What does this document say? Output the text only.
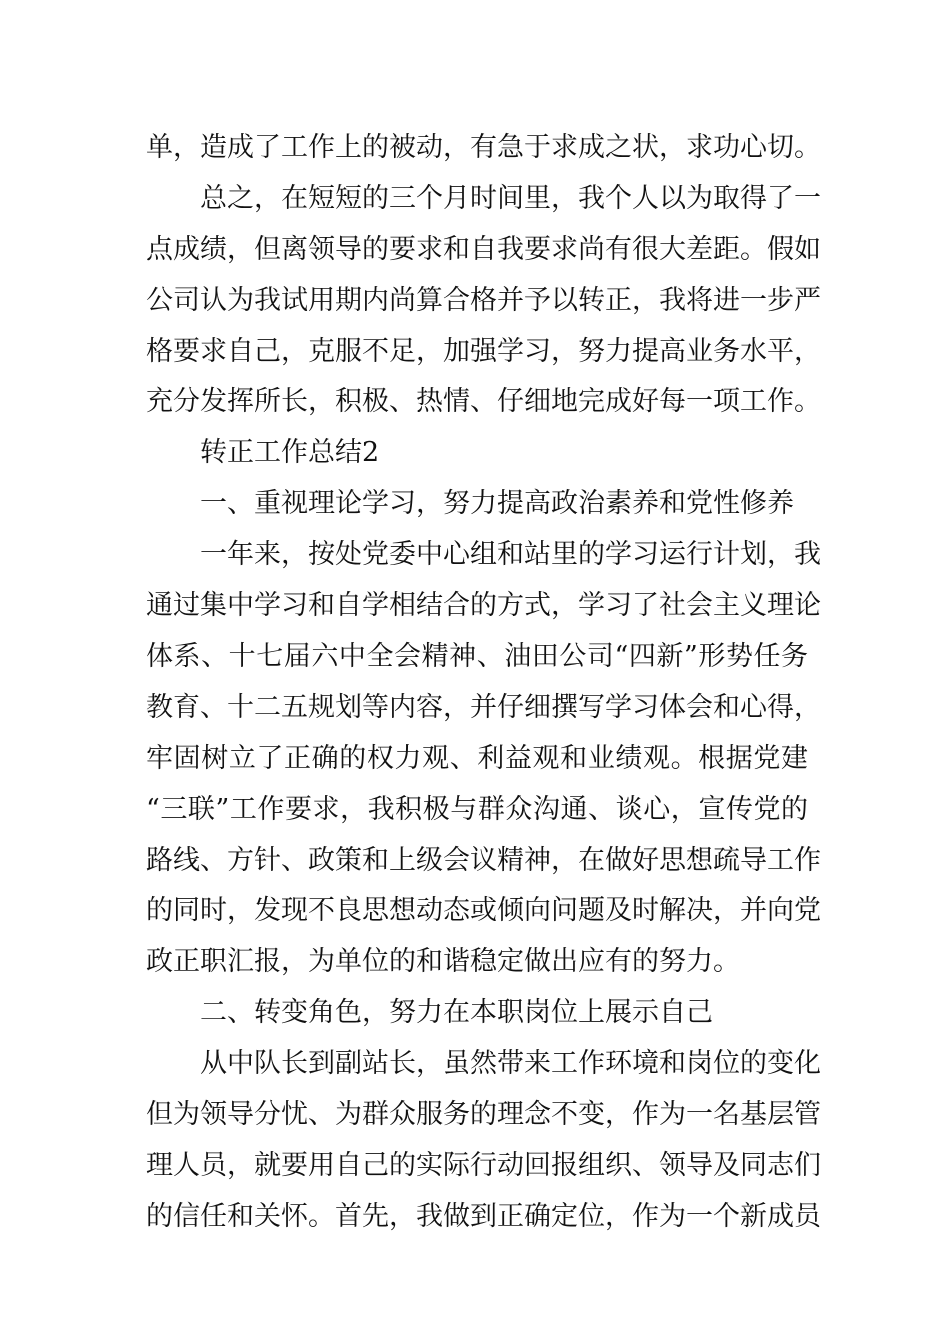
单，造成了工作上的被动，有急于求成之状，求功心切。
总之，在短短的三个月时间里，我个人以为取得了一
点成绩，但离领导的要求和自我要求尚有很大差距。假如
公司认为我试用期内尚算合格并予以转正，我将进一步严
格要求自己，克服不足，加强学习，努力提高业务水平，
充分发挥所长，积极、热情、仔细地完成好每一项工作。
转正工作总结2
一、重视理论学习，努力提高政治素养和党性修养
一年来，按处党委中心组和站里的学习运行计划，我
通过集中学习和自学相结合的方式，学习了社会主义理论
体系、十七届六中全会精神、油田公司“四新”形势任务
教育、十二五规划等内容，并仔细撰写学习体会和心得，
牢固树立了正确的权力观、利益观和业绩观。根据党建
“三联”工作要求，我积极与群众沟通、谈心，宣传党的
路线、方针、政策和上级会议精神，在做好思想疏导工作
的同时，发现不良思想动态或倾向问题及时解决，并向党
政正职汇报，为单位的和谐稳定做出应有的努力。
二、转变角色，努力在本职岗位上展示自己
从中队长到副站长，虽然带来工作环境和岗位的变化
但为领导分忧、为群众服务的理念不变，作为一名基层管
理人员，就要用自己的实际行动回报组织、领导及同志们
的信任和关怀。首先，我做到正确定位，作为一个新成员
